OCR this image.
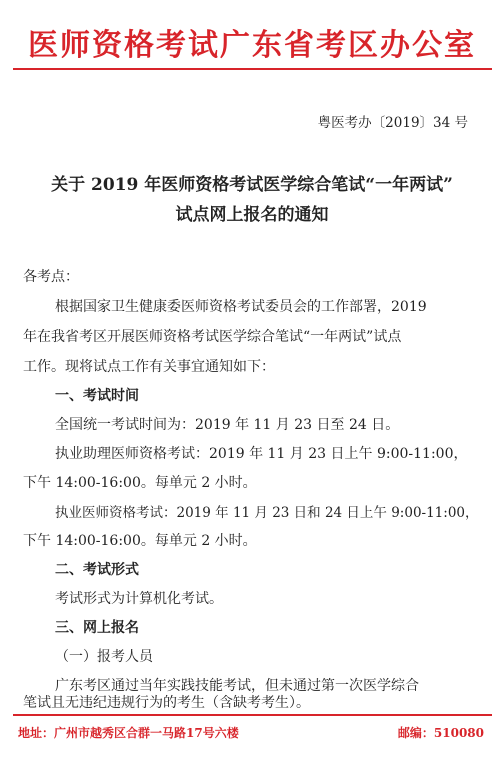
医师资格考试广东省考区办公室
粤医考办〔2019〕34 号
关于 2019 年医师资格考试医学综合笔试“一年两试”
试点网上报名的通知
各考点：
根据国家卫生健康委医师资格考试委员会的工作部署，2019
年在我省考区开展医师资格考试医学综合笔试“一年两试”试点
工作。现将试点工作有关事宜通知如下：
一、考试时间
全国统一考试时间为：2019 年 11 月 23 日至 24 日。
执业助理医师资格考试：2019 年 11 月 23 日上午 9:00-11:00，
下午 14:00-16:00。每单元 2 小时。
执业医师资格考试：2019 年 11 月 23 日和 24 日上午 9:00-11:00，
下午 14:00-16:00。每单元 2 小时。
二、考试形式
考试形式为计算机化考试。
三、网上报名
（一）报考人员
广东考区通过当年实践技能考试，但未通过第一次医学综合
笔试且无违纪违规行为的考生（含缺考考生）。
地址：广州市越秀区合群一马路17号六楼	邮编：510080
